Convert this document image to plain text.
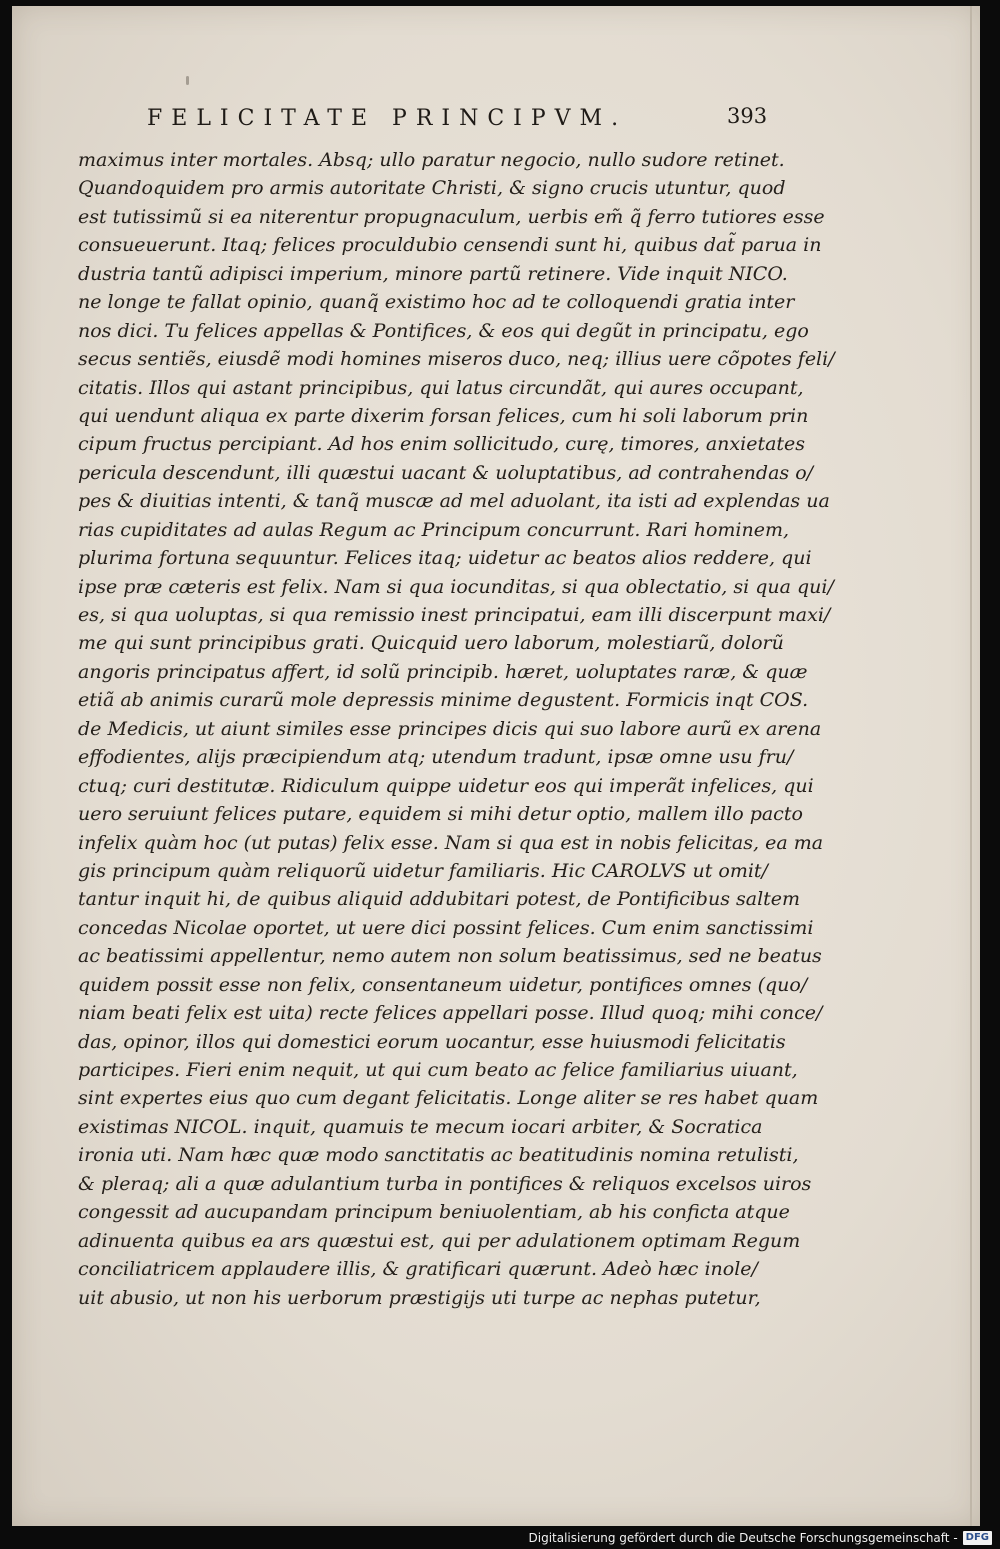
FELICITATE PRINCIPVM.	393
maximus inter mortales. Absq; ullo paratur negocio, nullo sudore retinet.
Quandoquidem pro armis autoritate Christi, & signo crucis utuntur, quod
est tutissimũ si ea niterentur propugnaculum, uerbis em̃ q̃ ferro tutiores esse
consueuerunt. Itaq; felices proculdubio censendi sunt hi, quibus dat̃ parua in
dustria tantũ adipisci imperium, minore partũ retinere. Vide inquit NICO.
ne longe te fallat opinio, quanq̃ existimo hoc ad te colloquendi gratia inter
nos dici. Tu felices appellas & Pontifices, & eos qui degũt in principatu, ego
secus sentiẽs, eiusdẽ modi homines miseros duco, neq; illius uere cõpotes feli/
citatis. Illos qui astant principibus, qui latus circundãt, qui aures occupant,
qui uendunt aliqua ex parte dixerim forsan felices, cum hi soli laborum prin
cipum fructus percipiant. Ad hos enim sollicitudo, curę, timores, anxietates
pericula descendunt, illi quæstui uacant & uoluptatibus, ad contrahendas o/
pes & diuitias intenti, & tanq̃ muscæ ad mel aduolant, ita isti ad explendas ua
rias cupiditates ad aulas Regum ac Principum concurrunt. Rari hominem,
plurima fortuna sequuntur. Felices itaq; uidetur ac beatos alios reddere, qui
ipse præ cæteris est felix. Nam si qua iocunditas, si qua oblectatio, si qua qui/
es, si qua uoluptas, si qua remissio inest principatui, eam illi discerpunt maxi/
me qui sunt principibus grati. Quicquid uero laborum, molestiarũ, dolorũ
angoris principatus affert, id solũ principib. hæret, uoluptates raræ, & quæ
etiã ab animis curarũ mole depressis minime degustent. Formicis inqt COS.
de Medicis, ut aiunt similes esse principes dicis qui suo labore aurũ ex arena
effodientes, alijs præcipiendum atq; utendum tradunt, ipsæ omne usu fru/
ctuq; curi destitutæ. Ridiculum quippe uidetur eos qui imperãt infelices, qui
uero seruiunt felices putare, equidem si mihi detur optio, mallem illo pacto
infelix quàm hoc (ut putas) felix esse. Nam si qua est in nobis felicitas, ea ma
gis principum quàm reliquorũ uidetur familiaris. Hic CAROLVS ut omit/
tantur inquit hi, de quibus aliquid addubitari potest, de Pontificibus saltem
concedas Nicolae oportet, ut uere dici possint felices. Cum enim sanctissimi
ac beatissimi appellentur, nemo autem non solum beatissimus, sed ne beatus
quidem possit esse non felix, consentaneum uidetur, pontifices omnes (quo/
niam beati felix est uita) recte felices appellari posse. Illud quoq; mihi conce/
das, opinor, illos qui domestici eorum uocantur, esse huiusmodi felicitatis
participes. Fieri enim nequit, ut qui cum beato ac felice familiarius uiuant,
sint expertes eius quo cum degant felicitatis. Longe aliter se res habet quam
existimas NICOL. inquit, quamuis te mecum iocari arbiter, & Socratica
ironia uti. Nam hæc quæ modo sanctitatis ac beatitudinis nomina retulisti,
& pleraq; ali a quæ adulantium turba in pontifices & reliquos excelsos uiros
congessit ad aucupandam principum beniuolentiam, ab his conficta atque
adinuenta quibus ea ars quæstui est, qui per adulationem optimam Regum
conciliatricem applaudere illis, & gratificari quærunt. Adeò hæc inole/
uit abusio, ut non his uerborum præstigijs uti turpe ac nephas putetur,
Digitalisierung gefördert durch die Deutsche Forschungsgemeinschaft - DFG
